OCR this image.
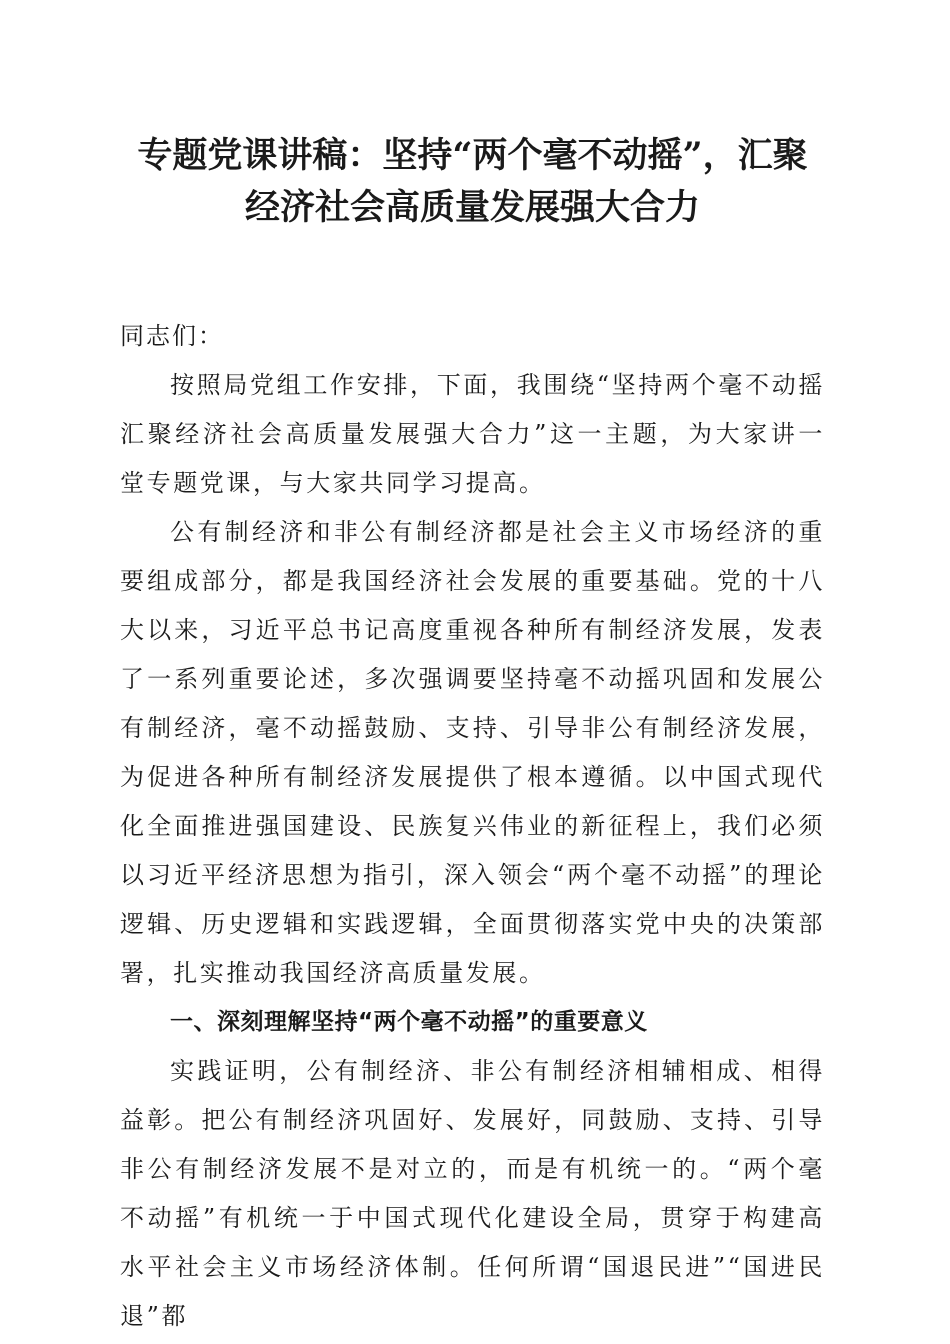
专题党课讲稿：坚持“两个毫不动摇”，汇聚
经济社会高质量发展强大合力
同志们：

按照局党组工作安排，下面，我围绕“坚持两个毫不动摇汇聚经济社会高质量发展强大合力”这一主题，为大家讲一堂专题党课，与大家共同学习提高。

公有制经济和非公有制经济都是社会主义市场经济的重要组成部分，都是我国经济社会发展的重要基础。党的十八大以来，习近平总书记高度重视各种所有制经济发展，发表了一系列重要论述，多次强调要坚持毫不动摇巩固和发展公有制经济，毫不动摇鼓励、支持、引导非公有制经济发展，为促进各种所有制经济发展提供了根本遵循。以中国式现代化全面推进强国建设、民族复兴伟业的新征程上，我们必须以习近平经济思想为指引，深入领会“两个毫不动摇”的理论逻辑、历史逻辑和实践逻辑，全面贯彻落实党中央的决策部署，扎实推动我国经济高质量发展。

一、深刻理解坚持“两个毫不动摇”的重要意义

实践证明，公有制经济、非公有制经济相辅相成、相得益彰。把公有制经济巩固好、发展好，同鼓励、支持、引导非公有制经济发展不是对立的，而是有机统一的。“两个毫不动摇”有机统一于中国式现代化建设全局，贯穿于构建高水平社会主义市场经济体制。任何所谓“国退民进”“国进民退”都
